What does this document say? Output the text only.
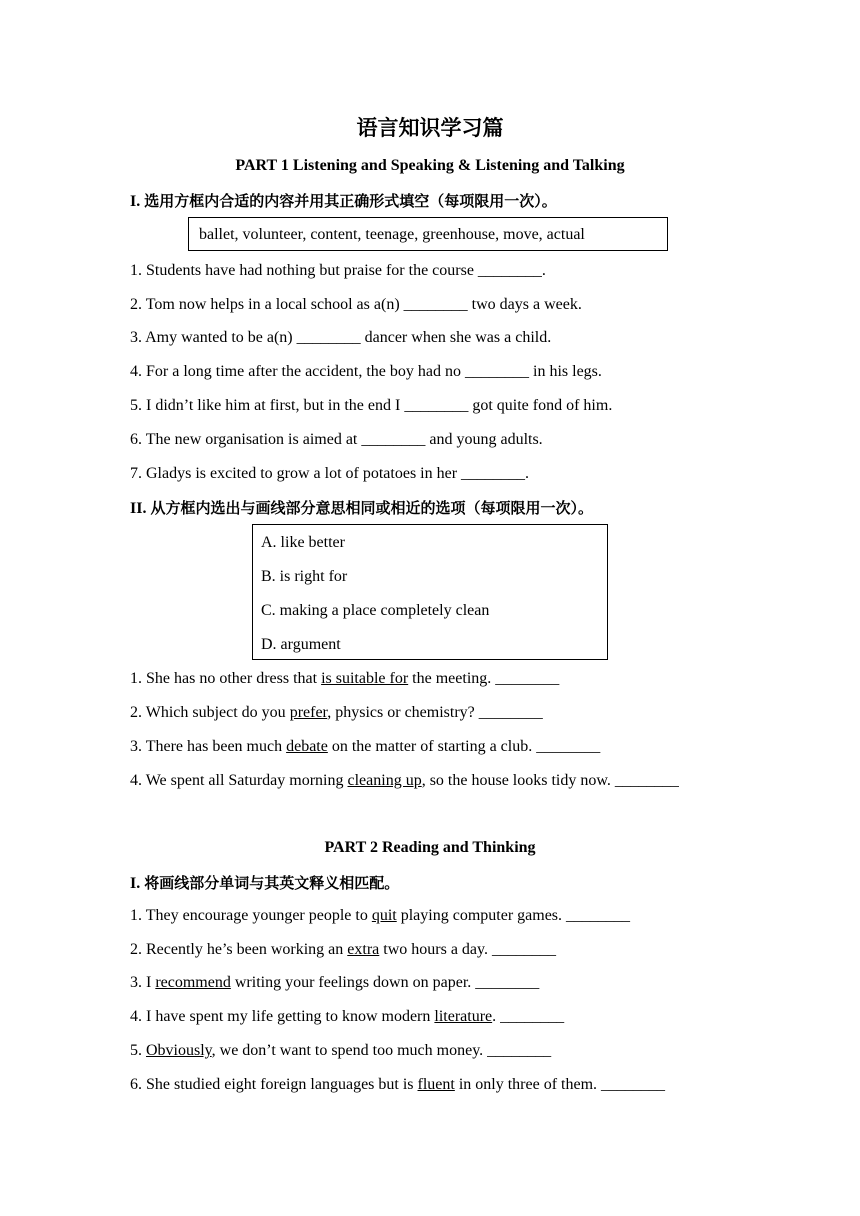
语言知识学习篇
PART 1 Listening and Speaking & Listening and Talking
I. 选用方框内合适的内容并用其正确形式填空（每项限用一次）。
ballet, volunteer, content, teenage, greenhouse, move, actual
1. Students have had nothing but praise for the course ________.
2. Tom now helps in a local school as a(n) ________ two days a week.
3. Amy wanted to be a(n) ________ dancer when she was a child.
4. For a long time after the accident, the boy had no ________ in his legs.
5. I didn’t like him at first, but in the end I ________ got quite fond of him.
6. The new organisation is aimed at ________ and young adults.
7. Gladys is excited to grow a lot of potatoes in her ________.
II. 从方框内选出与画线部分意思相同或相近的选项（每项限用一次）。
A. like better
B. is right for
C. making a place completely clean
D. argument
1. She has no other dress that is suitable for the meeting. ________
2. Which subject do you prefer, physics or chemistry? ________
3. There has been much debate on the matter of starting a club. ________
4. We spent all Saturday morning cleaning up, so the house looks tidy now. ________
PART 2 Reading and Thinking
I. 将画线部分单词与其英文释义相匹配。
1. They encourage younger people to quit playing computer games. ________
2. Recently he’s been working an extra two hours a day. ________
3. I recommend writing your feelings down on paper. ________
4. I have spent my life getting to know modern literature. ________
5. Obviously, we don’t want to spend too much money. ________
6. She studied eight foreign languages but is fluent in only three of them. ________
